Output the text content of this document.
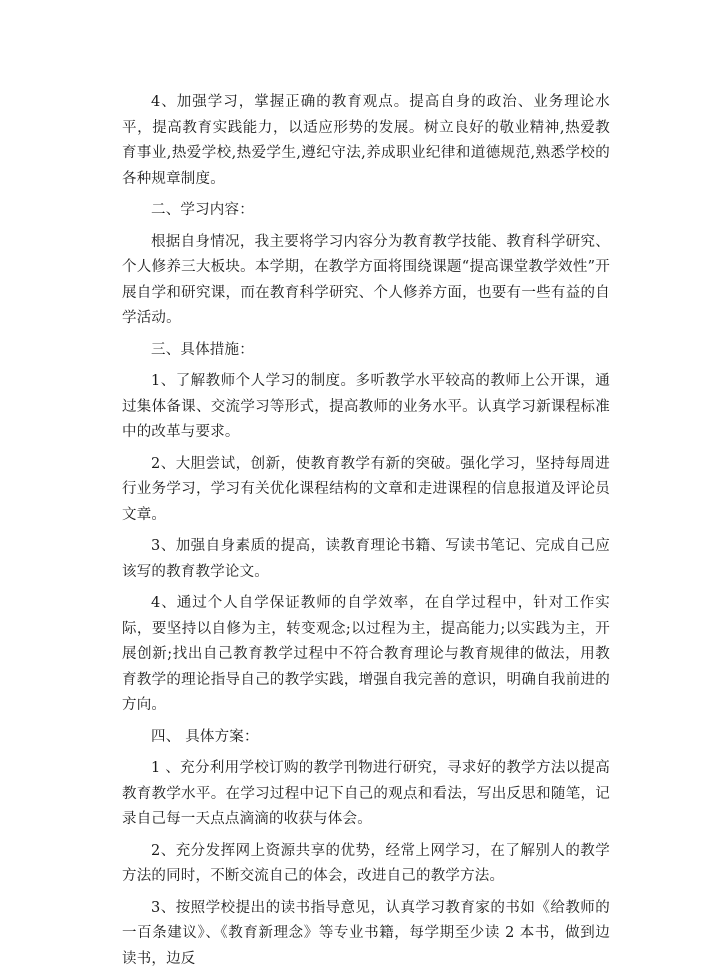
4、加强学习，掌握正确的教育观点。提高自身的政治、业务理论水平，提高教育实践能力，以适应形势的发展。树立良好的敬业精神,热爱教育事业,热爱学校,热爱学生,遵纪守法,养成职业纪律和道德规范,熟悉学校的各种规章制度。

二、学习内容：

根据自身情况，我主要将学习内容分为教育教学技能、教育科学研究、个人修养三大板块。本学期，在教学方面将围绕课题“提高课堂教学效性”开展自学和研究课，而在教育科学研究、个人修养方面，也要有一些有益的自学活动。

三、具体措施：

1、了解教师个人学习的制度。多听教学水平较高的教师上公开课，通过集体备课、交流学习等形式，提高教师的业务水平。认真学习新课程标准中的改革与要求。

2、大胆尝试，创新，使教育教学有新的突破。强化学习，坚持每周进行业务学习，学习有关优化课程结构的文章和走进课程的信息报道及评论员文章。

3、加强自身素质的提高，读教育理论书籍、写读书笔记、完成自己应该写的教育教学论文。

4、通过个人自学保证教师的自学效率，在自学过程中，针对工作实际，要坚持以自修为主，转变观念;以过程为主，提高能力;以实践为主，开展创新;找出自己教育教学过程中不符合教育理论与教育规律的做法，用教育教学的理论指导自己的教学实践，增强自我完善的意识，明确自我前进的方向。

四、 具体方案：

1 、充分利用学校订购的教学刊物进行研究，寻求好的教学方法以提高教育教学水平。在学习过程中记下自己的观点和看法，写出反思和随笔，记录自己每一天点点滴滴的收获与体会。

2、充分发挥网上资源共享的优势，经常上网学习，在了解别人的教学方法的同时，不断交流自己的体会，改进自己的教学方法。

3、按照学校提出的读书指导意见，认真学习教育家的书如《给教师的一百条建议》、《教育新理念》等专业书籍，每学期至少读 2 本书，做到边读书，边反
